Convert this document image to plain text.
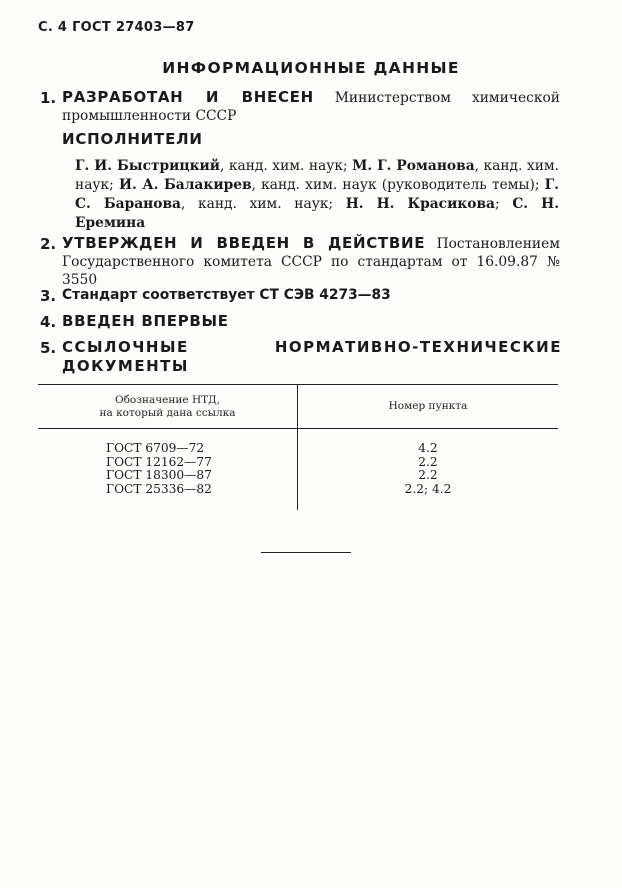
С. 4 ГОСТ 27403—87
ИНФОРМАЦИОННЫЕ ДАННЫЕ
1. РАЗРАБОТАН И ВНЕСЕН Министерством химической промышленности СССР
ИСПОЛНИТЕЛИ
Г. И. Быстрицкий, канд. хим. наук; М. Г. Романова, канд. хим. наук; И. А. Балакирев, канд. хим. наук (руководитель темы); Г. С. Баранова, канд. хим. наук; Н. Н. Красикова; С. Н. Еремина
2. УТВЕРЖДЕН И ВВЕДЕН В ДЕЙСТВИЕ Постановлением Государственного комитета СССР по стандартам от 16.09.87 № 3550
3. Стандарт соответствует СТ СЭВ 4273—83
4. ВВЕДЕН ВПЕРВЫЕ
5. ССЫЛОЧНЫЕ НОРМАТИВНО-ТЕХНИЧЕСКИЕ ДОКУМЕНТЫ
Обозначение НТД,
на который дана ссылка
Номер пункта
ГОСТ 6709—72
ГОСТ 12162—77
ГОСТ 18300—87
ГОСТ 25336—82
4.2
2.2
2.2
2.2; 4.2
